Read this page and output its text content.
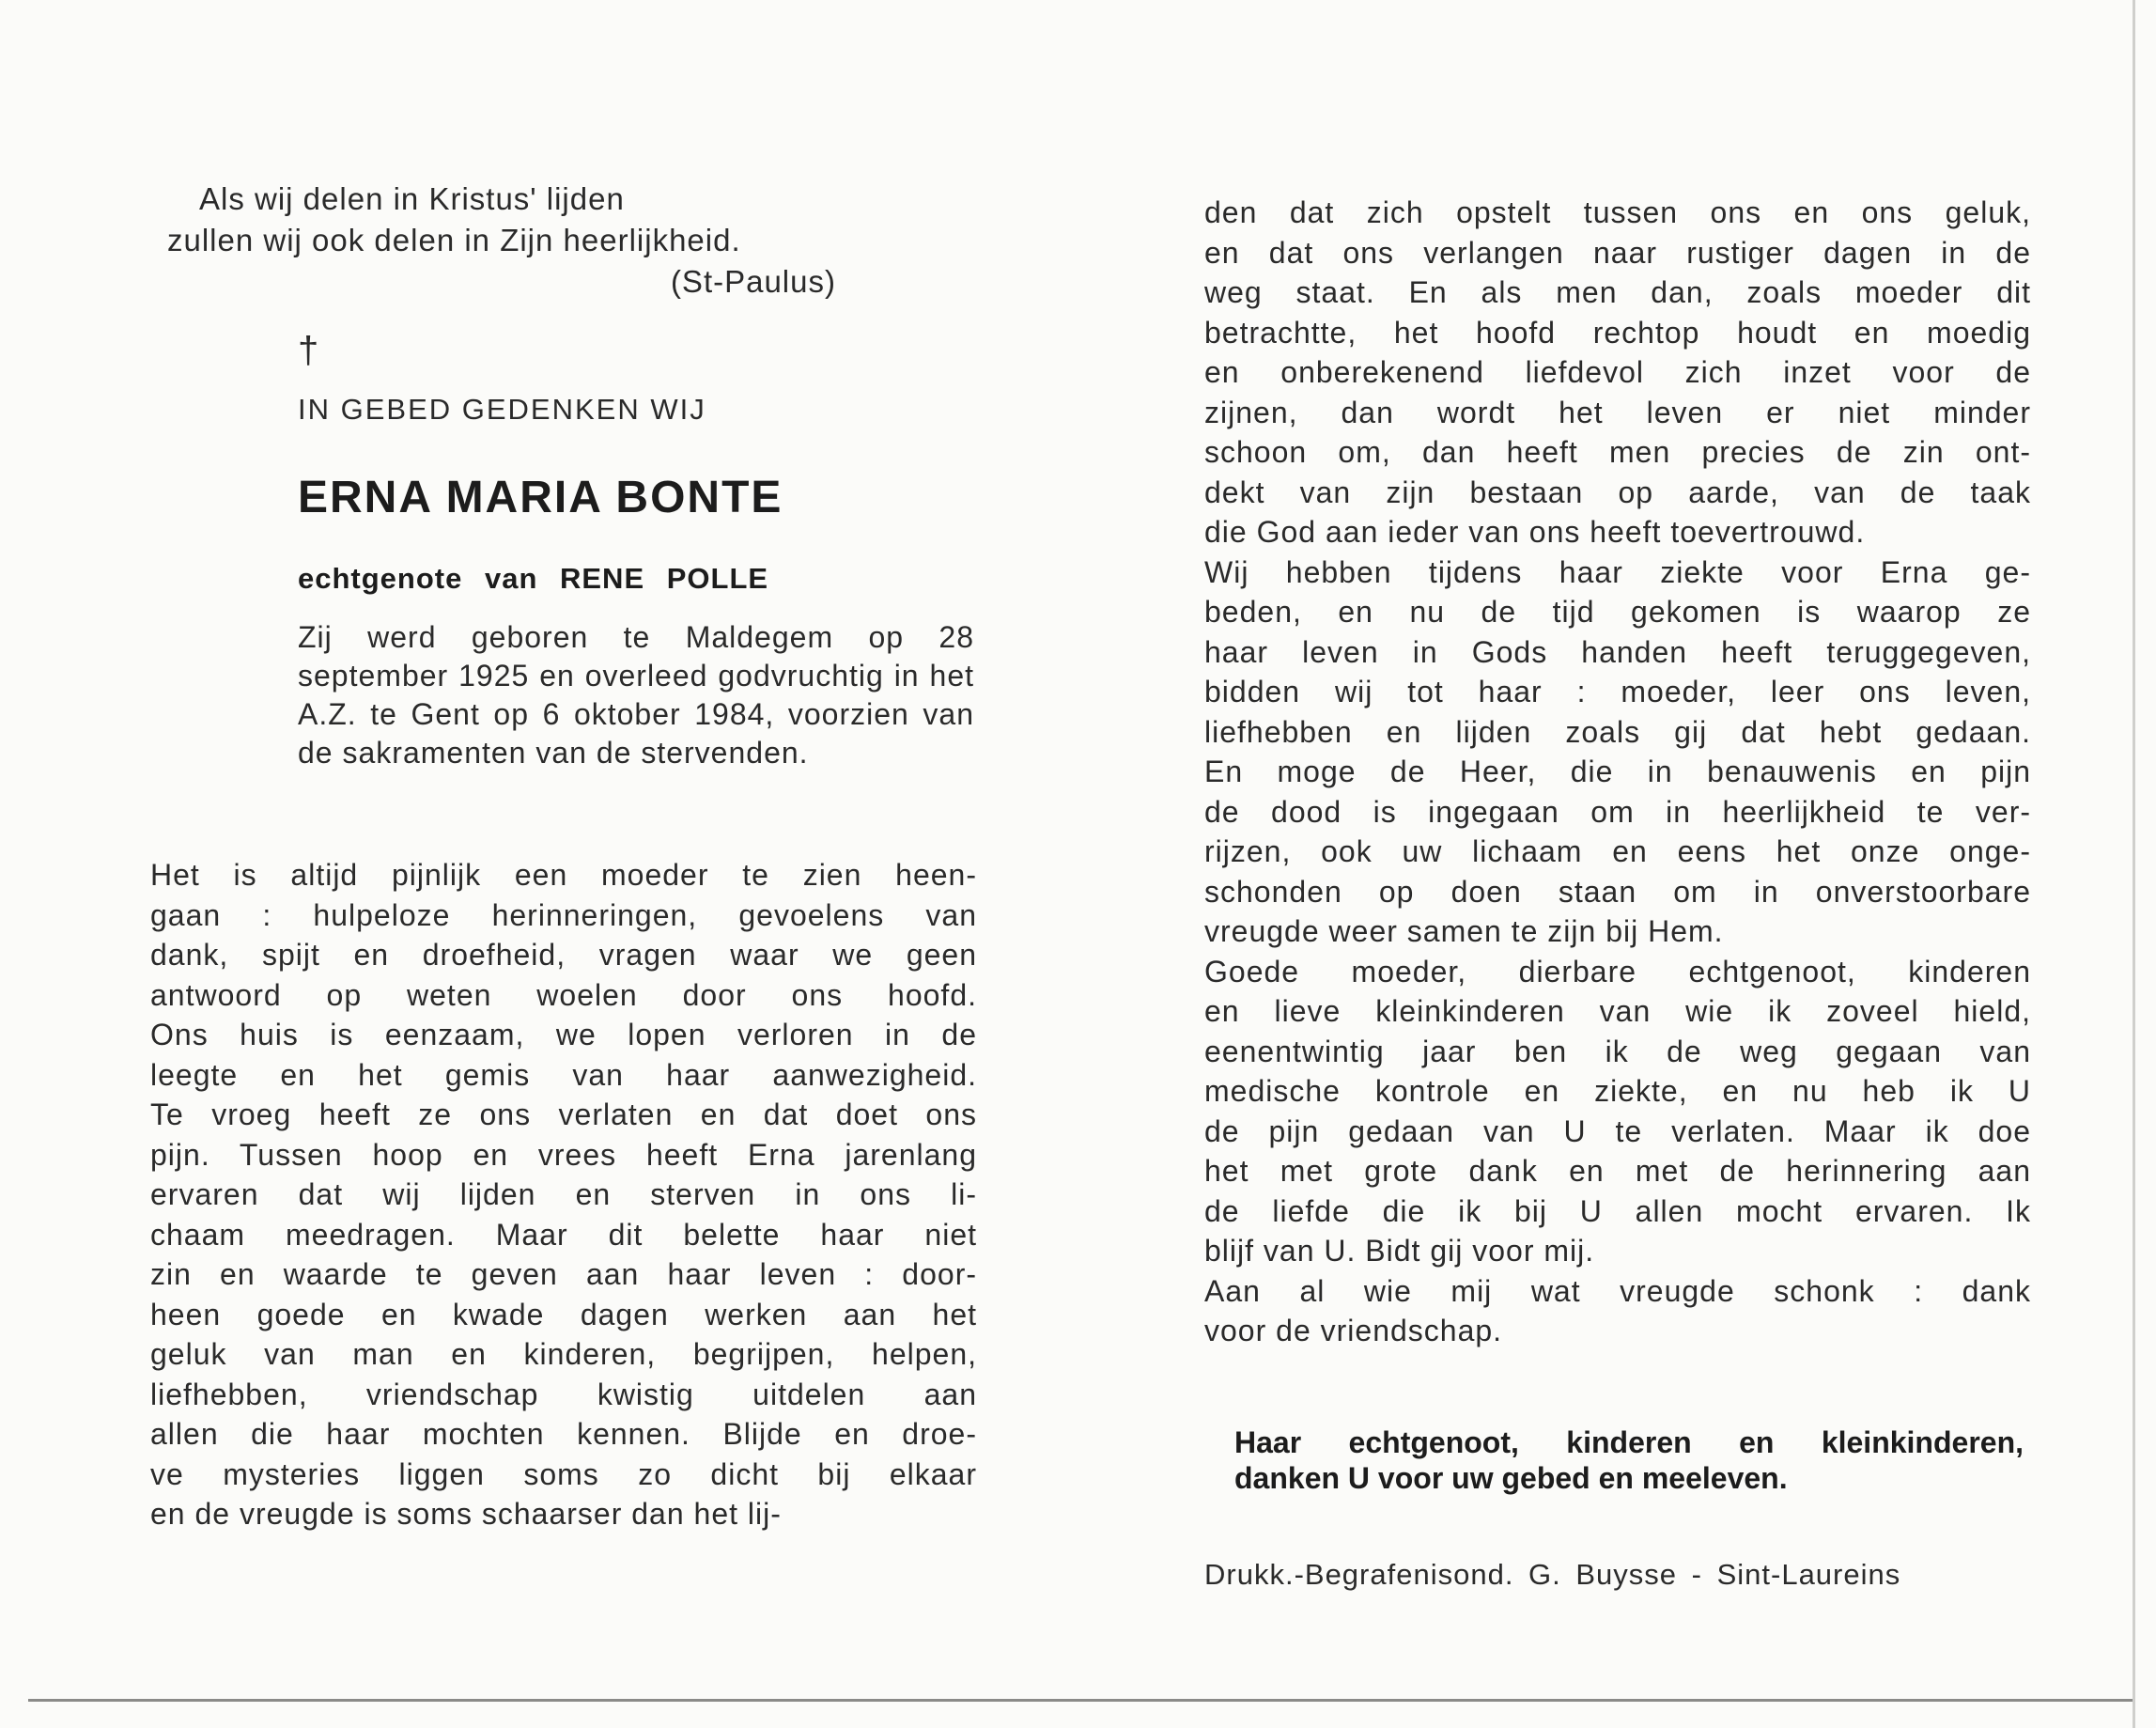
Als wij delen in Kristus' lijden
zullen wij ook delen in Zijn heerlijkheid.
(St-Paulus)
†
IN GEBED GEDENKEN WIJ
ERNA MARIA BONTE
echtgenote van RENE POLLE
Zij werd geboren te Maldegem op 28 september 1925 en overleed godvruchtig in het A.Z. te Gent op 6 oktober 1984, voorzien van de sakramenten van de stervenden.
Het is altijd pijnlijk een moeder te zien heen-
gaan : hulpeloze herinneringen, gevoelens van
dank, spijt en droefheid, vragen waar we geen
antwoord op weten woelen door ons hoofd.
Ons huis is eenzaam, we lopen verloren in de
leegte en het gemis van haar aanwezigheid.
Te vroeg heeft ze ons verlaten en dat doet ons
pijn. Tussen hoop en vrees heeft Erna jarenlang
ervaren dat wij lijden en sterven in ons li-
chaam meedragen. Maar dit belette haar niet
zin en waarde te geven aan haar leven : door-
heen goede en kwade dagen werken aan het
geluk van man en kinderen, begrijpen, helpen,
liefhebben, vriendschap kwistig uitdelen aan
allen die haar mochten kennen. Blijde en droe-
ve mysteries liggen soms zo dicht bij elkaar
en de vreugde is soms schaarser dan het lij-
den dat zich opstelt tussen ons en ons geluk,
en dat ons verlangen naar rustiger dagen in de
weg staat. En als men dan, zoals moeder dit
betrachtte, het hoofd rechtop houdt en moedig
en onberekenend liefdevol zich inzet voor de
zijnen, dan wordt het leven er niet minder
schoon om, dan heeft men precies de zin ont-
dekt van zijn bestaan op aarde, van de taak
die God aan ieder van ons heeft toevertrouwd.
Wij hebben tijdens haar ziekte voor Erna ge-
beden, en nu de tijd gekomen is waarop ze
haar leven in Gods handen heeft teruggegeven,
bidden wij tot haar : moeder, leer ons leven,
liefhebben en lijden zoals gij dat hebt gedaan.
En moge de Heer, die in benauwenis en pijn
de dood is ingegaan om in heerlijkheid te ver-
rijzen, ook uw lichaam en eens het onze onge-
schonden op doen staan om in onverstoorbare
vreugde weer samen te zijn bij Hem.
Goede moeder, dierbare echtgenoot, kinderen
en lieve kleinkinderen van wie ik zoveel hield,
eenentwintig jaar ben ik de weg gegaan van
medische kontrole en ziekte, en nu heb ik U
de pijn gedaan van U te verlaten. Maar ik doe
het met grote dank en met de herinnering aan
de liefde die ik bij U allen mocht ervaren. Ik
blijf van U. Bidt gij voor mij.
Aan al wie mij wat vreugde schonk : dank
voor de vriendschap.
Haar echtgenoot, kinderen en kleinkinderen,
danken U voor uw gebed en meeleven.
Drukk.-Begrafenisond. G. Buysse - Sint-Laureins
